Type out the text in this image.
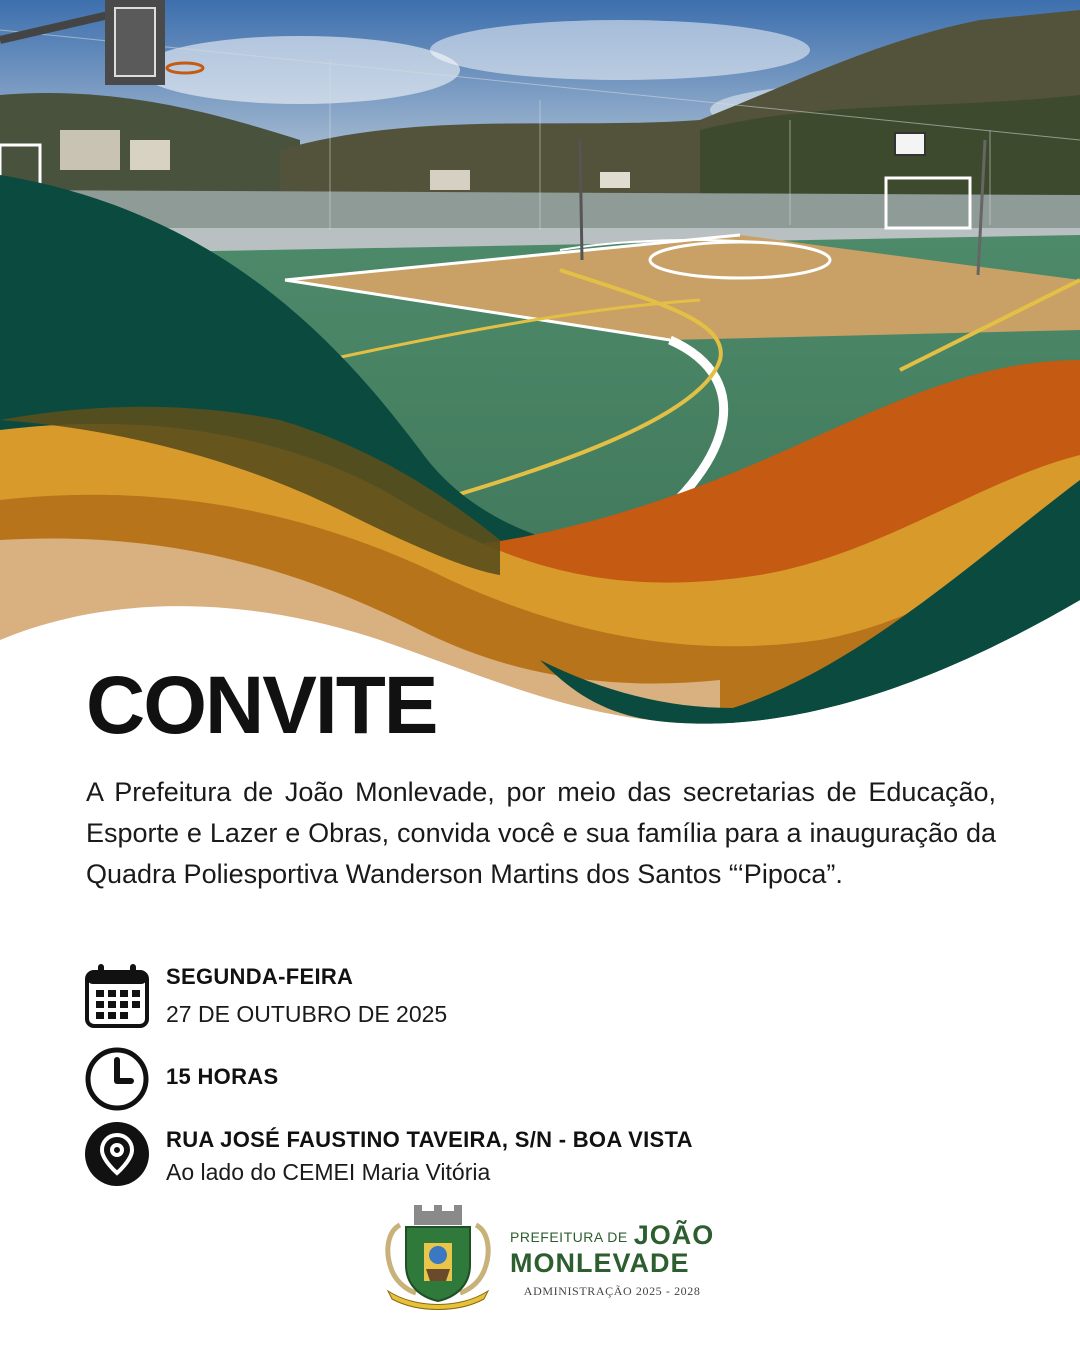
CONVITE

A Prefeitura de João Monlevade, por meio das secretarias de Educação, Esporte e Lazer e Obras, convida você e sua família para a inauguração da Quadra Poliesportiva Wanderson Martins dos Santos “‘Pipoca”.

SEGUNDA-FEIRA
27 DE OUTUBRO DE 2025
15 HORAS
RUA JOSÉ FAUSTINO TAVEIRA, S/N - BOA VISTA
Ao lado do CEMEI Maria Vitória
PREFEITURA DE JOÃO
MONLEVADE
ADMINISTRAÇÃO 2025 - 2028
